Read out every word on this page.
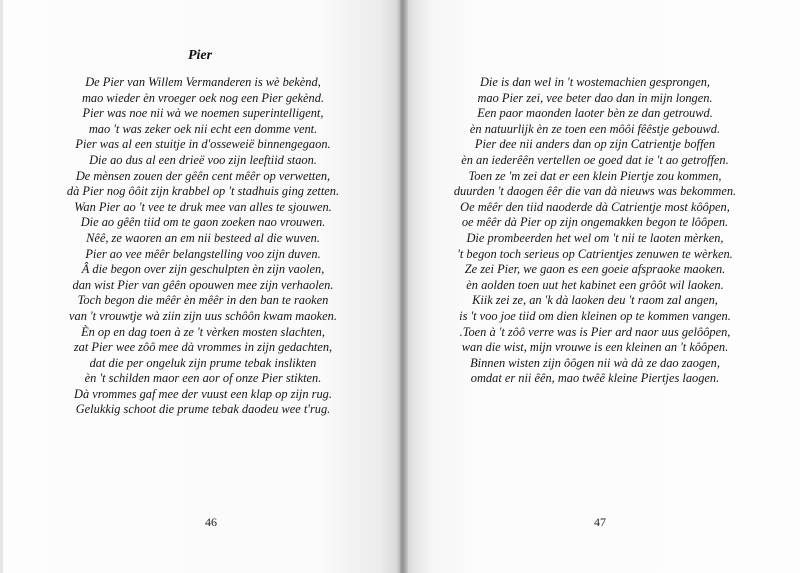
Pier
De Pier van Willem Vermanderen is wè bekènd,
mao wieder èn vroeger oek nog een Pier gekènd.
Pier was noe nii wà we noemen superintelligent,
mao 't was zeker oek nii echt een domme vent.
Pier was al een stuitje in d'osseweië binnengegaon.
Die ao dus al een drieë voo zijn leeftiid staon.
De mènsen zouen der gêên cent mêêr op verwetten,
dà Pier nog ôôit zijn krabbel op 't stadhuis ging zetten.
Wan Pier ao 't vee te druk mee van alles te sjouwen.
Die ao gêên tiid om te gaon zoeken nao vrouwen.
Nêê, ze waoren an em nii besteed al die wuven.
Pier ao vee mêêr belangstelling voo zijn duven.
Â die begon over zijn geschulpten èn zijn vaolen,
dan wist Pier van gêên opouwen mee zijn verhaolen.
Toch begon die mêêr èn mêêr in den ban te raoken
van 't vrouwtje wà ziin zijn uus schôôn kwam maoken.
Èn op en dag toen à ze 't vèrken mosten slachten,
zat Pier wee zôô mee dà vrommes in zijn gedachten,
dat die per ongeluk zijn prume tebak inslikten
èn 't schilden maor een aor of onze Pier stikten.
Dà vrommes gaf mee der vuust een klap op zijn rug.
Gelukkig schoot die prume tebak daodeu wee t'rug.
46
Die is dan wel in 't wostemachien gesprongen,
mao Pier zei, vee beter dao dan in mijn longen.
Een paor maonden laoter bèn ze dan getrouwd.
èn natuurlijk èn ze toen een môôi fêêstje gebouwd.
Pier dee nii anders dan op zijn Catrientje boffen
èn an iederêên vertellen oe goed dat ie 't ao getroffen.
Toen ze 'm zei dat er een klein Piertje zou kommen,
duurden 't daogen êêr die van dà nieuws was bekommen.
Oe mêêr den tiid naoderde dà Catrientje most kôôpen,
oe mêêr dà Pier op zijn ongemakken begon te lôôpen.
Die prombeerden het wel om 't nii te laoten mèrken,
't begon toch serieus op Catrientjes zenuwen te wèrken.
Ze zei Pier, we gaon es een goeie afspraoke maoken.
èn aolden toen uut het kabinet een grôôt wil laoken.
Kiik zei ze, an 'k dà laoken deu 't raom zal angen,
is 't voo joe tiid om dien kleinen op te kommen vangen.
.Toen à 't zôô verre was is Pier ard naor uus gelôôpen,
wan die wist, mijn vrouwe is een kleinen an 't kôôpen.
Binnen wisten zijn ôôgen nii wà dà ze dao zaogen,
omdat er nii êên, mao twêê kleine Piertjes laogen.
47
